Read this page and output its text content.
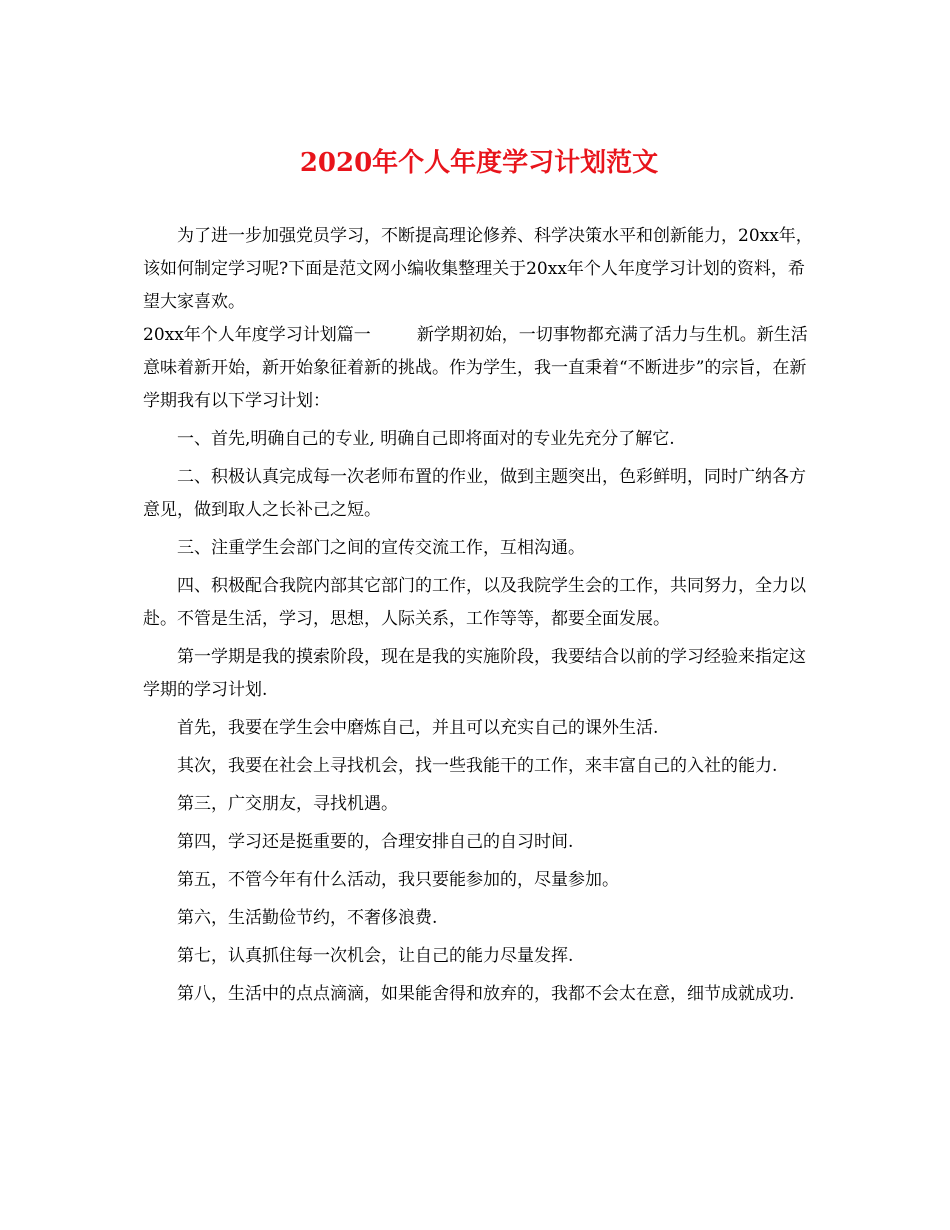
2020年个人年度学习计划范文

为了进一步加强党员学习，不断提高理论修养、科学决策水平和创新能力，20xx年，该如何制定学习呢?下面是范文网小编收集整理关于20xx年个人年度学习计划的资料，希望大家喜欢。

20xx年个人年度学习计划篇一	新学期初始，一切事物都充满了活力与生机。新生活意味着新开始，新开始象征着新的挑战。作为学生，我一直秉着“不断进步”的宗旨，在新学期我有以下学习计划：

一、首先,明确自己的专业, 明确自己即将面对的专业先充分了解它.

二、积极认真完成每一次老师布置的作业，做到主题突出，色彩鲜明，同时广纳各方意见，做到取人之长补己之短。

三、注重学生会部门之间的宣传交流工作，互相沟通。

四、积极配合我院内部其它部门的工作，以及我院学生会的工作，共同努力，全力以赴。不管是生活，学习，思想，人际关系，工作等等，都要全面发展。

第一学期是我的摸索阶段，现在是我的实施阶段，我要结合以前的学习经验来指定这学期的学习计划.

首先，我要在学生会中磨炼自己，并且可以充实自己的课外生活.

其次，我要在社会上寻找机会，找一些我能干的工作，来丰富自己的入社的能力.

第三，广交朋友，寻找机遇。

第四，学习还是挺重要的，合理安排自己的自习时间.

第五，不管今年有什么活动，我只要能参加的，尽量参加。

第六，生活勤俭节约，不奢侈浪费.

第七，认真抓住每一次机会，让自己的能力尽量发挥.

第八，生活中的点点滴滴，如果能舍得和放弃的，我都不会太在意，细节成就成功.
